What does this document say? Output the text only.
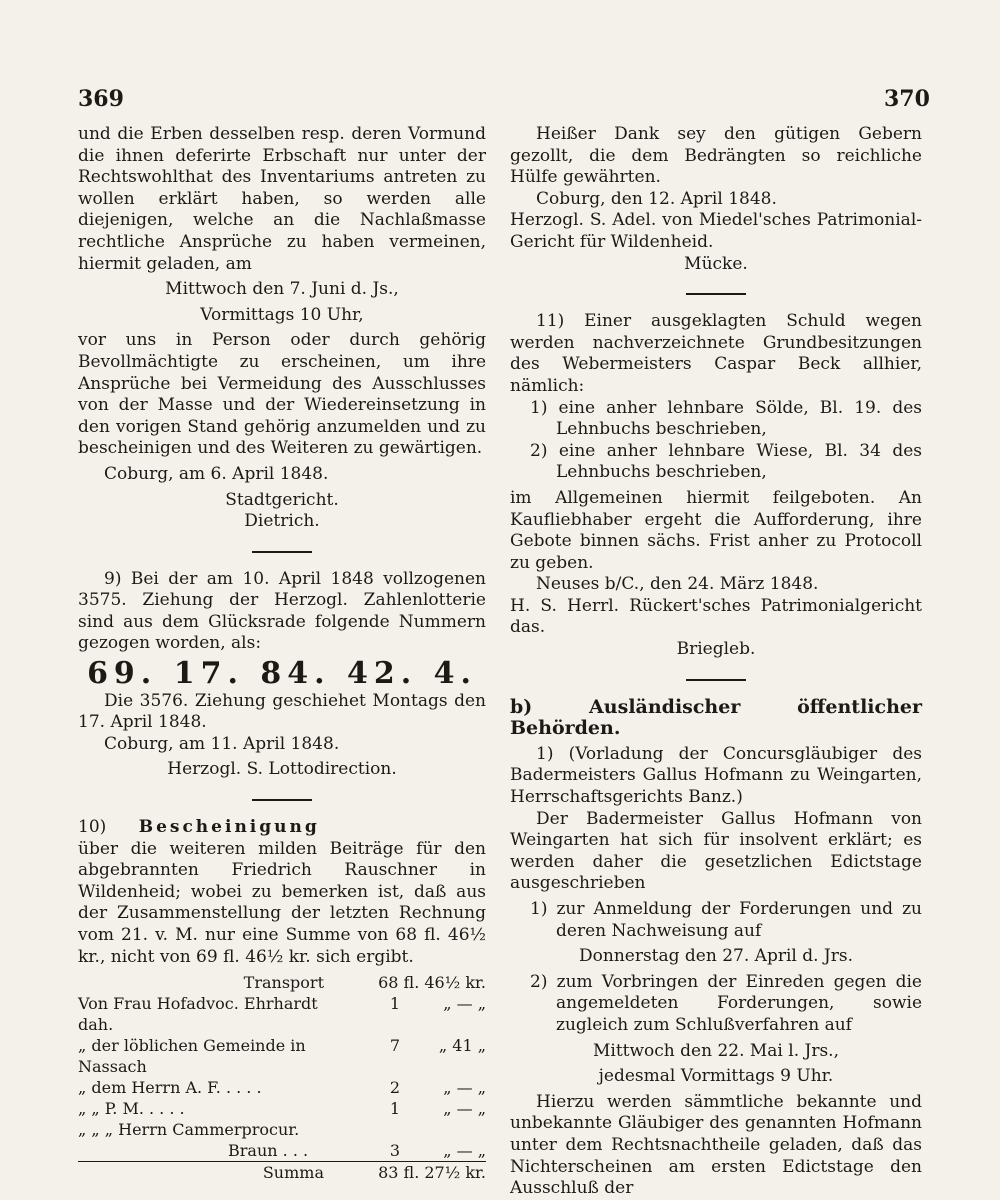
369	370

und die Erben desselben resp. deren Vormund die ihnen deferirte Erbschaft nur unter der Rechtswohlthat des Inventariums antreten zu wollen erklärt haben, so werden alle diejenigen, welche an die Nachlaßmasse rechtliche Ansprüche zu haben vermeinen, hiermit geladen, am

Mittwoch den 7. Juni d. Js.,

Vormittags 10 Uhr,

vor uns in Person oder durch gehörig Bevollmächtigte zu erscheinen, um ihre Ansprüche bei Vermeidung des Ausschlusses von der Masse und der Wiedereinsetzung in den vorigen Stand gehörig anzumelden und zu bescheinigen und des Weiteren zu gewärtigen.

Coburg, am 6. April 1848.

Stadtgericht.

Dietrich.

9) Bei der am 10. April 1848 vollzogenen 3575. Ziehung der Herzogl. Zahlenlotterie sind aus dem Glücksrade folgende Nummern gezogen worden, als:

69. 17. 84. 42. 4.

Die 3576. Ziehung geschiehet Montags den 17. April 1848.

Coburg, am 11. April 1848.

Herzogl. S. Lottodirection.

10) Bescheinigung

über die weiteren milden Beiträge für den abgebrannten Friedrich Rauschner in Wildenheid; wobei zu bemerken ist, daß aus der Zusammenstellung der letzten Rechnung vom 21. v. M. nur eine Summe von 68 fl. 46½ kr., nicht von 69 fl. 46½ kr. sich ergibt.

Transport	68 fl. 46½ kr.	
Von Frau Hofadvoc. Ehrhardt dah.	1	„ — „
„ der löblichen Gemeinde in Nassach	7	„ 41 „
„ dem Herrn A. F. . . . .	2	„ — „
„ „ P. M. . . . .	1	„ — „
„ „ „ Herrn Cammerprocur.		
Braun . . .	3	„ — „
Summa	83 fl. 27½ kr.	

Heißer Dank sey den gütigen Gebern gezollt, die dem Bedrängten so reichliche Hülfe gewährten.

Coburg, den 12. April 1848.

Herzogl. S. Adel. von Miedel'sches Patrimonial-Gericht für Wildenheid.

Mücke.

11) Einer ausgeklagten Schuld wegen werden nachverzeichnete Grundbesitzungen des Webermeisters Caspar Beck allhier, nämlich:

1) eine anher lehnbare Sölde, Bl. 19. des Lehnbuchs beschrieben,

2) eine anher lehnbare Wiese, Bl. 34 des Lehnbuchs beschrieben,

im Allgemeinen hiermit feilgeboten. An Kaufliebhaber ergeht die Aufforderung, ihre Gebote binnen sächs. Frist anher zu Protocoll zu geben.

Neuses b/C., den 24. März 1848.

H. S. Herrl. Rückert'sches Patrimonialgericht das.

Briegleb.

b) Ausländischer öffentlicher Behörden.

1) (Vorladung der Concursgläubiger des Badermeisters Gallus Hofmann zu Weingarten, Herrschaftsgerichts Banz.)

Der Badermeister Gallus Hofmann von Weingarten hat sich für insolvent erklärt; es werden daher die gesetzlichen Edictstage ausgeschrieben

1) zur Anmeldung der Forderungen und zu deren Nachweisung auf

Donnerstag den 27. April d. Jrs.

2) zum Vorbringen der Einreden gegen die angemeldeten Forderungen, sowie zugleich zum Schlußverfahren auf

Mittwoch den 22. Mai l. Jrs.,

jedesmal Vormittags 9 Uhr.

Hierzu werden sämmtliche bekannte und unbekannte Gläubiger des genannten Hofmann unter dem Rechtsnachtheile geladen, daß das Nichterscheinen am ersten Edictstage den Ausschluß der
